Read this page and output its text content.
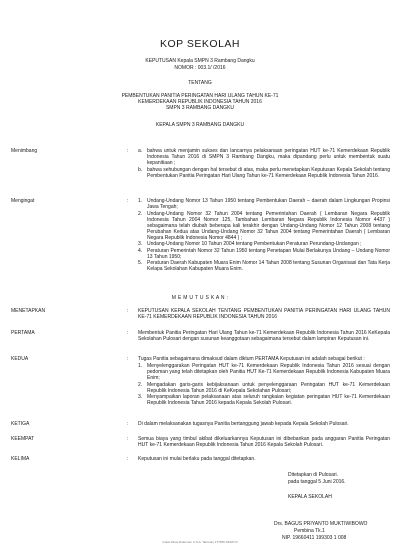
KOP SEKOLAH
KEPUTUSAN Kepala SMPN 3 Rambang Dangku
NOMOR : 003.1/ /2016
TENTANG
PEMBENTUKAN PANITIA PERINGATAN HARI ULANG TAHUN KE-71
KEMERDEKAAN REPUBLIK INDONESIA TAHUN 2016
SMPN 3 RAMBANG DANGKU
KEPALA SMPN 3 RAMBANG DANGKU
Menimbang	:	a. bahwa untuk menjamin sukses dan lancarnya pelaksanaan peringatan HUT ke-71 Kemerdekaan Republik Indonesia Tahun 2016 di SMPN 3 Rambang Dangku, maka dipandang perlu untuk membentuk suatu kepanitiaan ;
b. bahwa sehubungan dengan hal tersebut di atas, maka perlu menetapkan Keputusan Kepala Sekolah tentang Pembentukan Panitia Peringatan Hari Ulang Tahun ke-71 Kemerdekaan Republik Indonesia Tahun 2016.
Mengingat	:	1. Undang-Undang Nomor 13 Tahun 1950 tentang Pembentukan Daerah – daerah dalam Lingkungan Propinsi Jawa Tengah;
2. Undang-Undang Nomor 32 Tahun 2004 tentang Pemerintahan Daerah ( Lembaran Negara Republik Indonesia Tahun 2004 Nomor 125, Tambahan Lembaran Negara Republik Indonesia Nomor 4437 ) sebagaimana telah diubah beberapa kali terakhir dengan Undang-Undang Nomor 12 Tahun 2008 tentang Perubahan Kedua atas Undang-Undang Nomor 32 Tahun 2004 tentang Pemerintahan Daerah ( Lembaran Negara Republik Indonesia Nomor 4844 ) ;
3. Undang-Undang Nomor 10 Tahun 2004 tentang Pembentukan Peraturan Perundang-Undangan ;
4. Peraturan Pemerintah Nomor 32 Tahun 1950 tentang Penetapan Mulai Berlakunya Undang – Undang Nomor 13 Tahun 1950;
5. Peraturan Daerah Kabupaten Muara Enim Nomor 14 Tahun 2008 tentang Susunan Organisasi dan Tata Kerja Kelapa Sekolahan Kabupaten Muara Enim.
M E M U T U S K A N :
MENETAPKAN	:	KEPUTUSAN KEPALA SEKOLAH TENTANG PEMBENTUKAN PANITIA PERINGATAN HARI ULANG TAHUN KE-71 KEMERDEKAAN REPUBLIK INDONESIA TAHUN 2016
PERTAMA	:	Membentuk Panitia Peringatan Hari Ulang Tahun ke-71 Kemerdekaan Republik Indonesia Tahun 2016 KeKepala Sekolahan Pulosari dengan susunan keanggotaan sebagaimana tersebut dalam lampiran Keputusan ini.
KEDUA	:	Tugas Panitia sebagaimana dimaksud dalam diktum PERTAMA Keputusan ini adalah sebagai berikut :
1. Menyelenggarakan Peringatan HUT ke-71 Kemerdekaan Republik Indonesia Tahun 2016 sesuai dengan pedoman yang telah ditetapkan oleh Panitia HUT Ke-71 Kemerdekaan Republik Indonesia Kabupaten Muara Enim;
2. Mengadakan garis-garis kebijaksanaan untuk penyelenggaraan Peringatan HUT ke-71 Kemerdekaan Republik Indonesia Tahun 2016 di KeKepala Sekolahan Pulosari;
3. Menyampaikan laporan pelaksanaan atas seluruh rangkaian kegiatan peringatan HUT ke-71 Kemerdekaan Republik Indonesia Tahun 2016 kepada Kepala Sekolah Pulosari.
KETIGA	:	Di dalam melaksanakan tugasnya Panitia bertanggung jawab kepada Kepala Sekolah Pulosari.
KEEMPAT	:	Semua biaya yang timbul akibat dikeluarkannya Keputusan ini dibebankan pada anggaran Panitia Peringatan HUT ke-71 Kemerdekaan Republik Indonesia Tahun 2016 Kepala Sekolah Pulosari.
KELIMA	:	Keputusan ini mulai berlaku pada tanggal ditetapkan.
Ditetapkan di Pulosari.
pada tanggal 5 Juni 2016.
KEPALA SEKOLAH
Drs. BAGUS PRIYANTO MUKTIWIBOWO
Pembina Tk.1
NIP. 19660411 199303 1 008
Induk Dinas Dokumen U.S.A. Tahunan 1T7656 S3S#Y/3
